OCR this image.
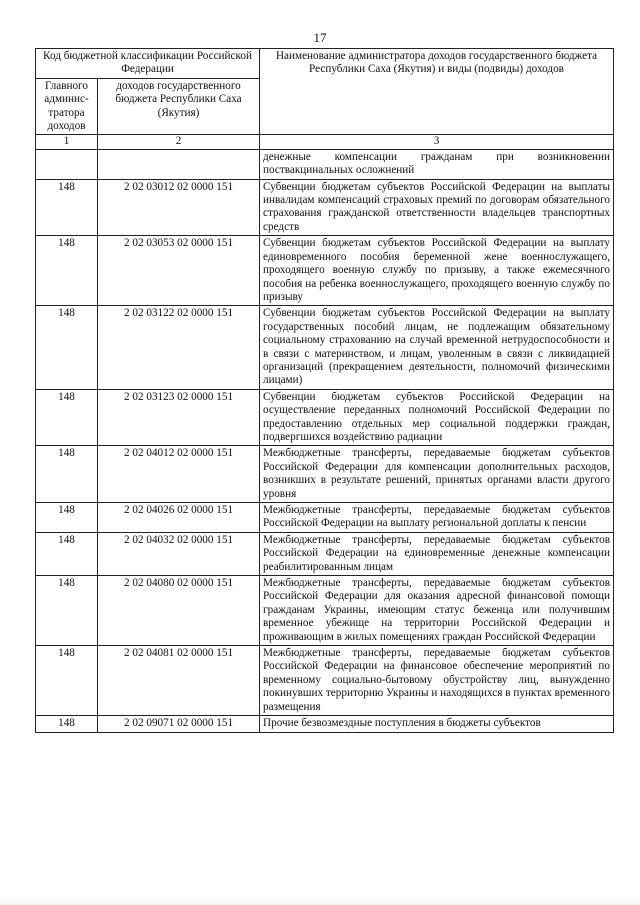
17
Код бюджетной классификации Российской Федерации		Наименование администратора доходов государственного бюджета Республики Саха (Якутия) и виды (подвиды) доходов
Главного админис-тратора доходов	доходов государственного бюджета Республики Саха (Якутия)	
1	2	3
		денежные компенсации гражданам при возникновении поствакцинальных осложнений
148	2 02 03012 02 0000 151	Субвенции бюджетам субъектов Российской Федерации на выплаты инвалидам компенсаций страховых премий по договорам обязательного страхования гражданской ответственности владельцев транспортных средств
148	2 02 03053 02 0000 151	Субвенции бюджетам субъектов Российской Федерации на выплату единовременного пособия беременной жене военнослужащего, проходящего военную службу по призыву, а также ежемесячного пособия на ребенка военнослужащего, проходящего военную службу по призыву
148	2 02 03122 02 0000 151	Субвенции бюджетам субъектов Российской Федерации на выплату государственных пособий лицам, не подлежащим обязательному социальному страхованию на случай временной нетрудоспособности и в связи с материнством, и лицам, уволенным в связи с ликвидацией организаций (прекращением деятельности, полномочий физическими лицами)
148	2 02 03123 02 0000 151	Субвенции бюджетам субъектов Российской Федерации на осуществление переданных полномочий Российской Федерации по предоставлению отдельных мер социальной поддержки граждан, подвергшихся воздействию радиации
148	2 02 04012 02 0000 151	Межбюджетные трансферты, передаваемые бюджетам субъектов Российской Федерации для компенсации дополнительных расходов, возникших в результате решений, принятых органами власти другого уровня
148	2 02 04026 02 0000 151	Межбюджетные трансферты, передаваемые бюджетам субъектов Российской Федерации на выплату региональной доплаты к пенсии
148	2 02 04032 02 0000 151	Межбюджетные трансферты, передаваемые бюджетам субъектов Российской Федерации на единовременные денежные компенсации реабилитированным лицам
148	2 02 04080 02 0000 151	Межбюджетные трансферты, передаваемые бюджетам субъектов Российской Федерации для оказания адресной финансовой помощи гражданам Украины, имеющим статус беженца или получившим временное убежище на территории Российской Федерации и проживающим в жилых помещениях граждан Российской Федерации
148	2 02 04081 02 0000 151	Межбюджетные трансферты, передаваемые бюджетам субъектов Российской Федерации на финансовое обеспечение мероприятий по временному социально-бытовому обустройству лиц, вынужденно покинувших территорию Украины и находящихся в пунктах временного размещения
148	2 02 09071 02 0000 151	Прочие безвозмездные поступления в бюджеты субъектов
